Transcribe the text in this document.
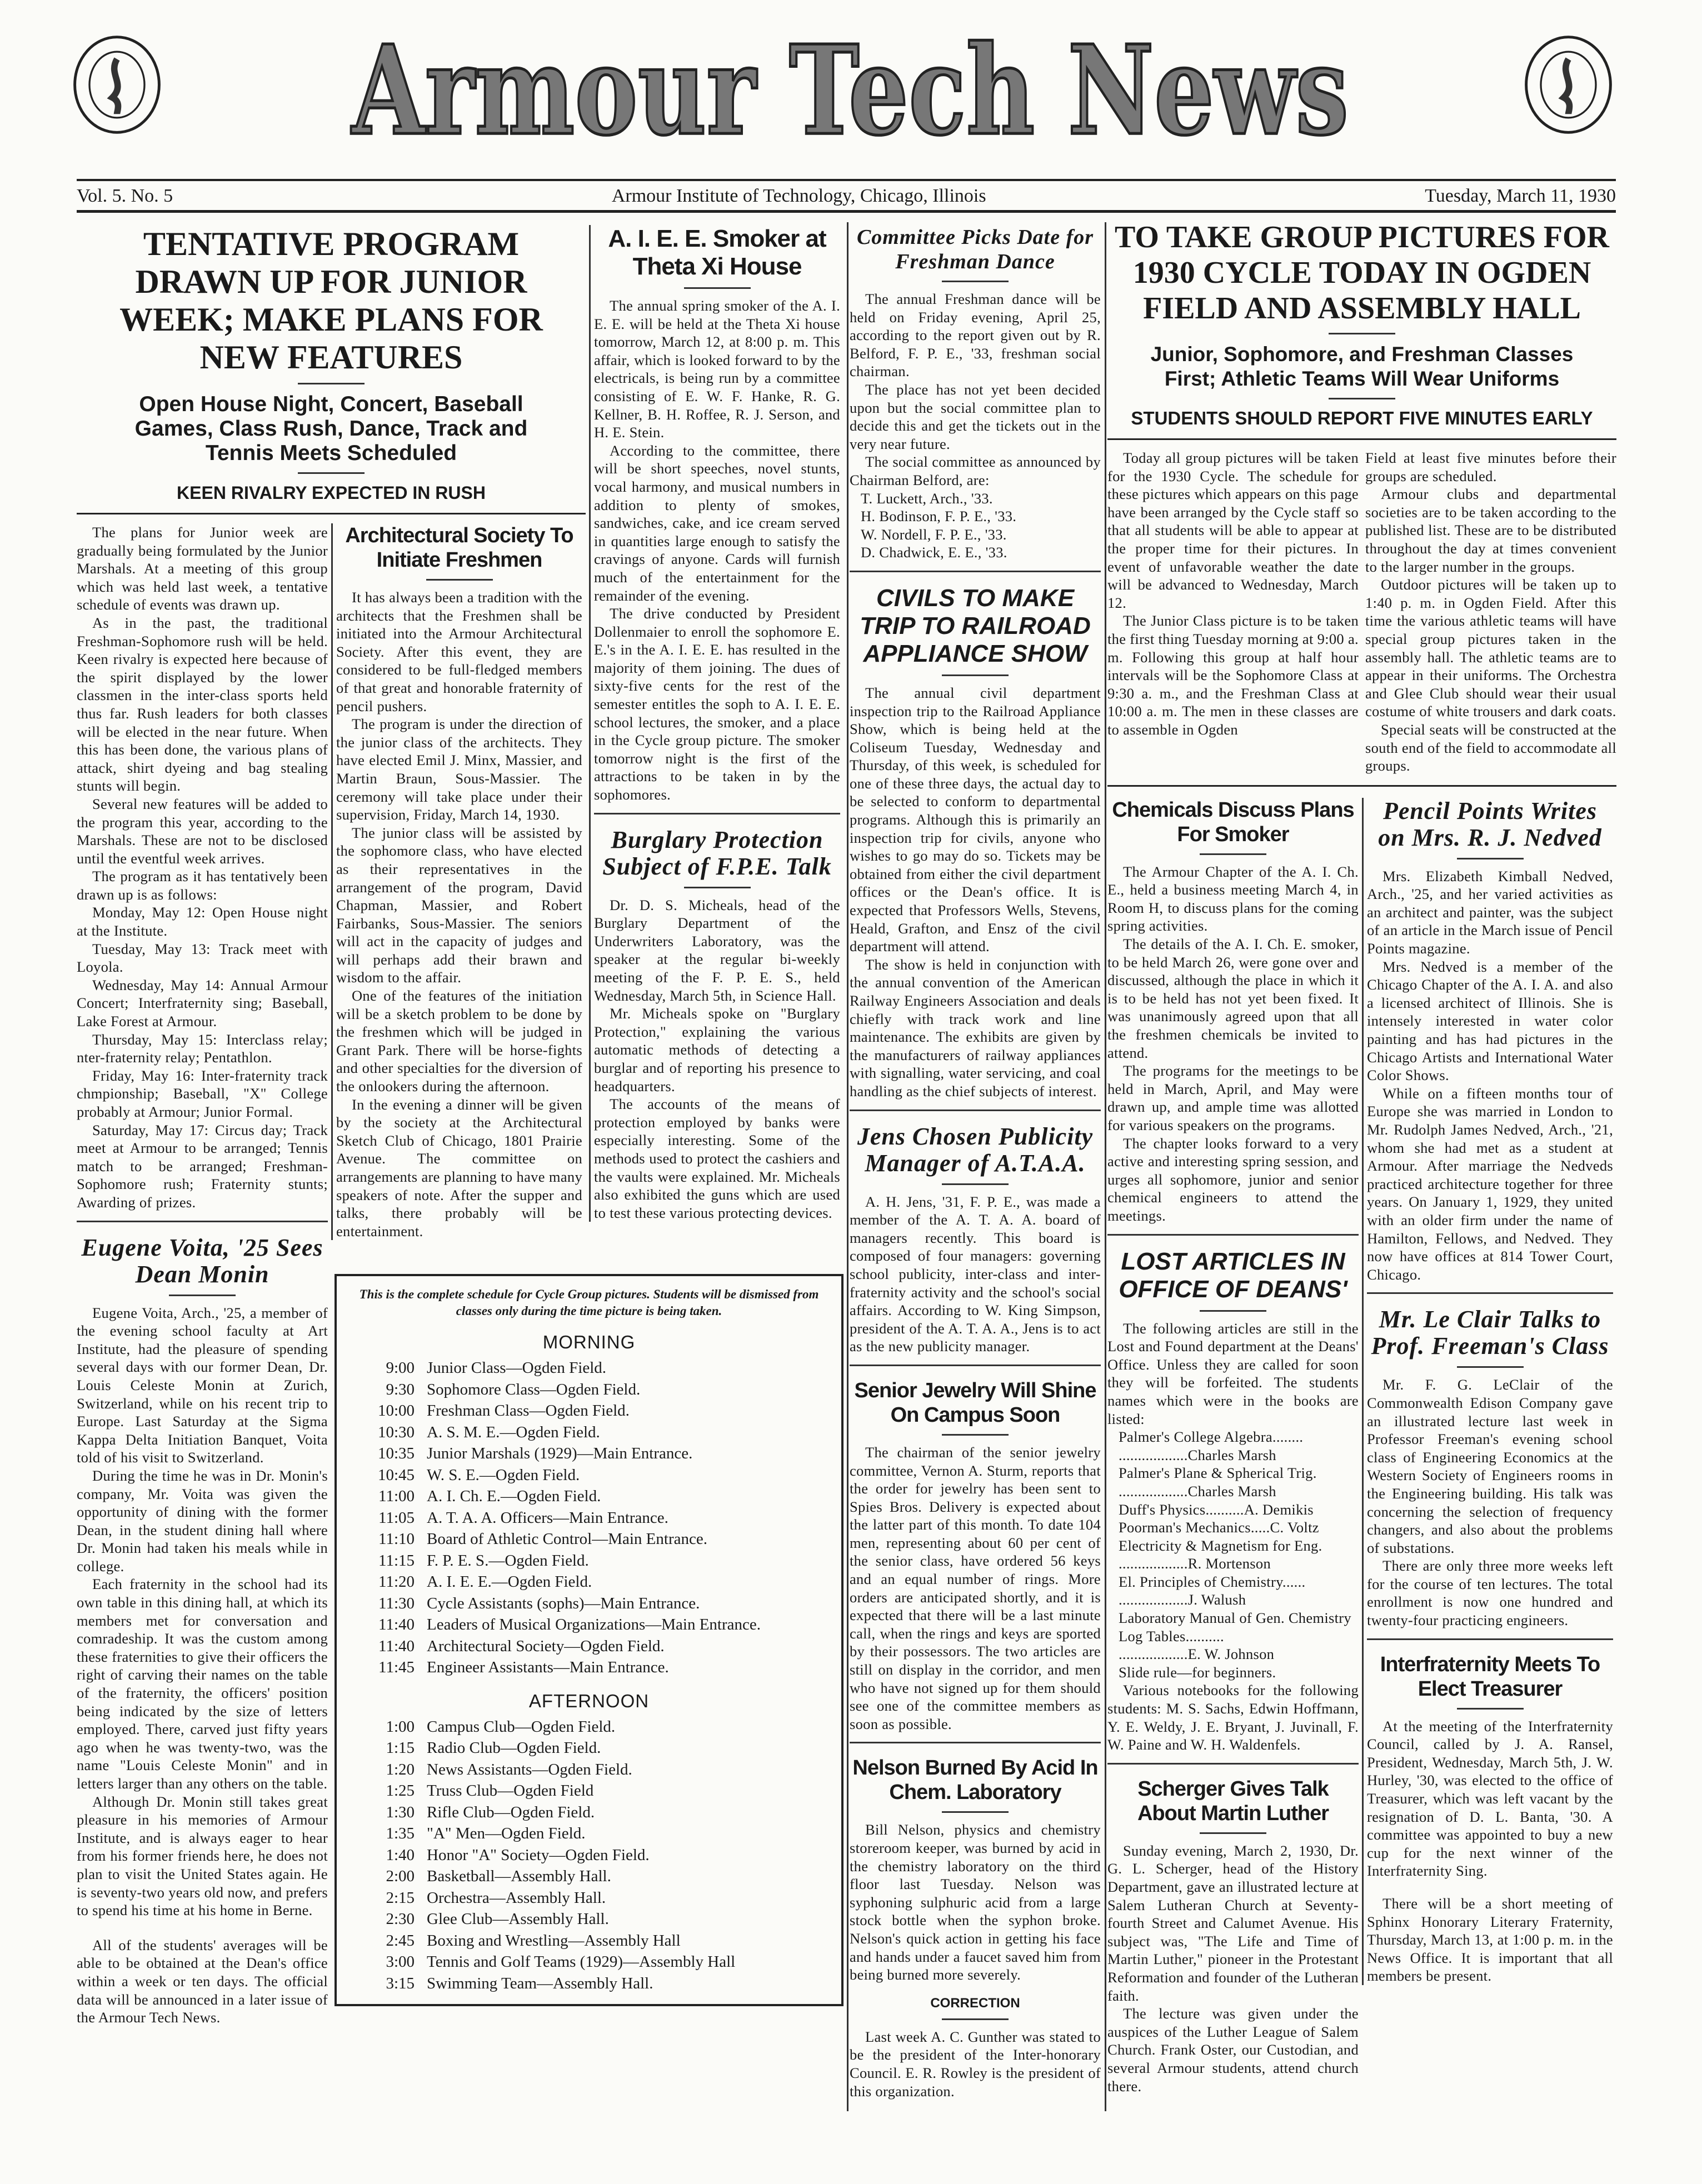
Armour Tech News
Vol. 5. No. 5	Armour Institute of Technology, Chicago, Illinois	Tuesday, March 11, 1930
TENTATIVE PROGRAM DRAWN UP FOR JUNIOR WEEK; MAKE PLANS FOR NEW FEATURES
Open House Night, Concert, Baseball Games, Class Rush, Dance, Track and Tennis Meets Scheduled
KEEN RIVALRY EXPECTED IN RUSH
A. I. E. E. Smoker at Theta Xi House

The annual spring smoker of the A. I. E. E. will be held at the Theta Xi house tomorrow, March 12, at 8:00 p. m. This affair, which is looked forward to by the electricals, is being run by a committee consisting of E. W. F. Hanke, R. G. Kellner, B. H. Roffee, R. J. Serson, and H. E. Stein.

According to the committee, there will be short speeches, novel stunts, vocal harmony, and musical numbers in addition to plenty of smokes, sandwiches, cake, and ice cream served in quantities large enough to satisfy the cravings of anyone. Cards will furnish much of the entertainment for the remainder of the evening.

The drive conducted by President Dollenmaier to enroll the sophomore E. E.'s in the A. I. E. E. has resulted in the majority of them joining. The dues of sixty-five cents for the rest of the semester entitles the soph to A. I. E. E. school lectures, the smoker, and a place in the Cycle group picture. The smoker tomorrow night is the first of the attractions to be taken in by the sophomores.

Burglary Protection Subject of F.P.E. Talk

Dr. D. S. Micheals, head of the Burglary Department of the Underwriters Laboratory, was the speaker at the regular bi-weekly meeting of the F. P. E. S., held Wednesday, March 5th, in Science Hall.

Mr. Micheals spoke on "Burglary Protection," explaining the various automatic methods of detecting a burglar and of reporting his presence to headquarters.

The accounts of the means of protection employed by banks were especially interesting. Some of the methods used to protect the cashiers and the vaults were explained. Mr. Micheals also exhibited the guns which are used to test these various protecting devices.

The plans for Junior week are gradually being formulated by the Junior Marshals. At a meeting of this group which was held last week, a tentative schedule of events was drawn up.

As in the past, the traditional Freshman-Sophomore rush will be held. Keen rivalry is expected here because of the spirit displayed by the lower classmen in the inter-class sports held thus far. Rush leaders for both classes will be elected in the near future. When this has been done, the various plans of attack, shirt dyeing and bag stealing stunts will begin.

Several new features will be added to the program this year, according to the Marshals. These are not to be disclosed until the eventful week arrives.

The program as it has tentatively been drawn up is as follows:

Monday, May 12: Open House night at the Institute.

Tuesday, May 13: Track meet with Loyola.

Wednesday, May 14: Annual Armour Concert; Interfraternity sing; Baseball, Lake Forest at Armour.

Thursday, May 15: Interclass relay; nter-fraternity relay; Pentathlon.

Friday, May 16: Inter-fraternity track chmpionship; Baseball, "X" College probably at Armour; Junior Formal.

Saturday, May 17: Circus day; Track meet at Armour to be arranged; Tennis match to be arranged; Freshman-Sophomore rush; Fraternity stunts; Awarding of prizes.

Eugene Voita, '25 Sees Dean Monin

Eugene Voita, Arch., '25, a member of the evening school faculty at Art Institute, had the pleasure of spending several days with our former Dean, Dr. Louis Celeste Monin at Zurich, Switzerland, while on his recent trip to Europe. Last Saturday at the Sigma Kappa Delta Initiation Banquet, Voita told of his visit to Switzerland.

During the time he was in Dr. Monin's company, Mr. Voita was given the opportunity of dining with the former Dean, in the student dining hall where Dr. Monin had taken his meals while in college.

Each fraternity in the school had its own table in this dining hall, at which its members met for conversation and comradeship. It was the custom among these fraternities to give their officers the right of carving their names on the table of the fraternity, the officers' position being indicated by the size of letters employed. There, carved just fifty years ago when he was twenty-two, was the name "Louis Celeste Monin" and in letters larger than any others on the table.

Although Dr. Monin still takes great pleasure in his memories of Armour Institute, and is always eager to hear from his former friends here, he does not plan to visit the United States again. He is seventy-two years old now, and prefers to spend his time at his home in Berne.

All of the students' averages will be able to be obtained at the Dean's office within a week or ten days. The official data will be announced in a later issue of the Armour Tech News.

Architectural Society To Initiate Freshmen

It has always been a tradition with the architects that the Freshmen shall be initiated into the Armour Architectural Society. After this event, they are considered to be full-fledged members of that great and honorable fraternity of pencil pushers.

The program is under the direction of the junior class of the architects. They have elected Emil J. Minx, Massier, and Martin Braun, Sous-Massier. The ceremony will take place under their supervision, Friday, March 14, 1930.

The junior class will be assisted by the sophomore class, who have elected as their representatives in the arrangement of the program, David Chapman, Massier, and Robert Fairbanks, Sous-Massier. The seniors will act in the capacity of judges and will perhaps add their brawn and wisdom to the affair.

One of the features of the initiation will be a sketch problem to be done by the freshmen which will be judged in Grant Park. There will be horse-fights and other specialties for the diversion of the onlookers during the afternoon.

In the evening a dinner will be given by the society at the Architectural Sketch Club of Chicago, 1801 Prairie Avenue. The committee on arrangements are planning to have many speakers of note. After the supper and talks, there probably will be entertainment.

This is the complete schedule for Cycle Group pictures. Students will be dismissed from classes only during the time picture is being taken.
MORNING
9:00 Junior Class—Ogden Field.
9:30 Sophomore Class—Ogden Field.
10:00 Freshman Class—Ogden Field.
10:30 A. S. M. E.—Ogden Field.
10:35 Junior Marshals (1929)—Main Entrance.
10:45 W. S. E.—Ogden Field.
11:00 A. I. Ch. E.—Ogden Field.
11:05 A. T. A. A. Officers—Main Entrance.
11:10 Board of Athletic Control—Main Entrance.
11:15 F. P. E. S.—Ogden Field.
11:20 A. I. E. E.—Ogden Field.
11:30 Cycle Assistants (sophs)—Main Entrance.
11:40 Leaders of Musical Organizations—Main Entrance.
11:40 Architectural Society—Ogden Field.
11:45 Engineer Assistants—Main Entrance.
AFTERNOON
1:00 Campus Club—Ogden Field.
1:15 Radio Club—Ogden Field.
1:20 News Assistants—Ogden Field.
1:25 Truss Club—Ogden Field
1:30 Rifle Club—Ogden Field.
1:35 "A" Men—Ogden Field.
1:40 Honor "A" Society—Ogden Field.
2:00 Basketball—Assembly Hall.
2:15 Orchestra—Assembly Hall.
2:30 Glee Club—Assembly Hall.
2:45 Boxing and Wrestling—Assembly Hall
3:00 Tennis and Golf Teams (1929)—Assembly Hall
3:15 Swimming Team—Assembly Hall.
Committee Picks Date for Freshman Dance

The annual Freshman dance will be held on Friday evening, April 25, according to the report given out by R. Belford, F. P. E., '33, freshman social chairman.

The place has not yet been decided upon but the social committee plan to decide this and get the tickets out in the very near future.

The social committee as announced by Chairman Belford, are:

T. Luckett, Arch., '33.

H. Bodinson, F. P. E., '33.

W. Nordell, F. P. E., '33.

D. Chadwick, E. E., '33.

CIVILS TO MAKE TRIP TO RAILROAD APPLIANCE SHOW

The annual civil department inspection trip to the Railroad Appliance Show, which is being held at the Coliseum Tuesday, Wednesday and Thursday, of this week, is scheduled for one of these three days, the actual day to be selected to conform to departmental programs. Although this is primarily an inspection trip for civils, anyone who wishes to go may do so. Tickets may be obtained from either the civil department offices or the Dean's office. It is expected that Professors Wells, Stevens, Heald, Grafton, and Ensz of the civil department will attend.

The show is held in conjunction with the annual convention of the American Railway Engineers Association and deals chiefly with track work and line maintenance. The exhibits are given by the manufacturers of railway appliances with signalling, water servicing, and coal handling as the chief subjects of interest.

Jens Chosen Publicity Manager of A.T.A.A.

A. H. Jens, '31, F. P. E., was made a member of the A. T. A. A. board of managers recently. This board is composed of four managers: governing school publicity, inter-class and inter-fraternity activity and the school's social affairs. According to W. King Simpson, president of the A. T. A. A., Jens is to act as the new publicity manager.

Senior Jewelry Will Shine On Campus Soon

The chairman of the senior jewelry committee, Vernon A. Sturm, reports that the order for jewelry has been sent to Spies Bros. Delivery is expected about the latter part of this month. To date 104 men, representing about 60 per cent of the senior class, have ordered 56 keys and an equal number of rings. More orders are anticipated shortly, and it is expected that there will be a last minute call, when the rings and keys are sported by their possessors. The two articles are still on display in the corridor, and men who have not signed up for them should see one of the committee members as soon as possible.

Nelson Burned By Acid In Chem. Laboratory

Bill Nelson, physics and chemistry storeroom keeper, was burned by acid in the chemistry laboratory on the third floor last Tuesday. Nelson was syphoning sulphuric acid from a large stock bottle when the syphon broke. Nelson's quick action in getting his face and hands under a faucet saved him from being burned more severely.

CORRECTION

Last week A. C. Gunther was stated to be the president of the Inter-honorary Council. E. R. Rowley is the president of this organization.

TO TAKE GROUP PICTURES FOR 1930 CYCLE TODAY IN OGDEN FIELD AND ASSEMBLY HALL
Junior, Sophomore, and Freshman Classes First; Athletic Teams Will Wear Uniforms
STUDENTS SHOULD REPORT FIVE MINUTES EARLY

Today all group pictures will be taken for the 1930 Cycle. The schedule for these pictures which appears on this page have been arranged by the Cycle staff so that all students will be able to appear at the proper time for their pictures. In event of unfavorable weather the date will be advanced to Wednesday, March 12.

The Junior Class picture is to be taken the first thing Tuesday morning at 9:00 a. m. Following this group at half hour intervals will be the Sophomore Class at 9:30 a. m., and the Freshman Class at 10:00 a. m. The men in these classes are to assemble in Ogden

Field at least five minutes before their groups are scheduled.

Armour clubs and departmental societies are to be taken according to the published list. These are to be distributed throughout the day at times convenient to the larger number in the groups.

Outdoor pictures will be taken up to 1:40 p. m. in Ogden Field. After this time the various athletic teams will have special group pictures taken in the assembly hall. The athletic teams are to appear in their uniforms. The Orchestra and Glee Club should wear their usual costume of white trousers and dark coats.

Special seats will be constructed at the south end of the field to accommodate all groups.

Chemicals Discuss Plans For Smoker

The Armour Chapter of the A. I. Ch. E., held a business meeting March 4, in Room H, to discuss plans for the coming spring activities.

The details of the A. I. Ch. E. smoker, to be held March 26, were gone over and discussed, although the place in which it is to be held has not yet been fixed. It was unanimously agreed upon that all the freshmen chemicals be invited to attend.

The programs for the meetings to be held in March, April, and May were drawn up, and ample time was allotted for various speakers on the programs.

The chapter looks forward to a very active and interesting spring session, and urges all sophomore, junior and senior chemical engineers to attend the meetings.

LOST ARTICLES IN OFFICE OF DEANS'

The following articles are still in the Lost and Found department at the Deans' Office. Unless they are called for soon they will be forfeited. The students names which were in the books are listed:

Palmer's College Algebra........

..................Charles Marsh

Palmer's Plane & Spherical Trig.

..................Charles Marsh

Duff's Physics..........A. Demikis

Poorman's Mechanics.....C. Voltz

Electricity & Magnetism for Eng.

..................R. Mortenson

El. Principles of Chemistry......

..................J. Walush

Laboratory Manual of Gen. Chemistry Log Tables..........

..................E. W. Johnson

Slide rule—for beginners.

Various notebooks for the following students: M. S. Sachs, Edwin Hoffmann, Y. E. Weldy, J. E. Bryant, J. Juvinall, F. W. Paine and W. H. Waldenfels.

Scherger Gives Talk About Martin Luther

Sunday evening, March 2, 1930, Dr. G. L. Scherger, head of the History Department, gave an illustrated lecture at Salem Lutheran Church at Seventy-fourth Street and Calumet Avenue. His subject was, "The Life and Time of Martin Luther," pioneer in the Protestant Reformation and founder of the Lutheran faith.

The lecture was given under the auspices of the Luther League of Salem Church. Frank Oster, our Custodian, and several Armour students, attend church there.

Pencil Points Writes on Mrs. R. J. Nedved

Mrs. Elizabeth Kimball Nedved, Arch., '25, and her varied activities as an architect and painter, was the subject of an article in the March issue of Pencil Points magazine.

Mrs. Nedved is a member of the Chicago Chapter of the A. I. A. and also a licensed architect of Illinois. She is intensely interested in water color painting and has had pictures in the Chicago Artists and International Water Color Shows.

While on a fifteen months tour of Europe she was married in London to Mr. Rudolph James Nedved, Arch., '21, whom she had met as a student at Armour. After marriage the Nedveds practiced architecture together for three years. On January 1, 1929, they united with an older firm under the name of Hamilton, Fellows, and Nedved. They now have offices at 814 Tower Court, Chicago.

Mr. Le Clair Talks to Prof. Freeman's Class

Mr. F. G. LeClair of the Commonwealth Edison Company gave an illustrated lecture last week in Professor Freeman's evening school class of Engineering Economics at the Western Society of Engineers rooms in the Engineering building. His talk was concerning the selection of frequency changers, and also about the problems of substations.

There are only three more weeks left for the course of ten lectures. The total enrollment is now one hundred and twenty-four practicing engineers.

Interfraternity Meets To Elect Treasurer

At the meeting of the Interfraternity Council, called by J. A. Ransel, President, Wednesday, March 5th, J. W. Hurley, '30, was elected to the office of Treasurer, which was left vacant by the resignation of D. L. Banta, '30. A committee was appointed to buy a new cup for the next winner of the Interfraternity Sing.

There will be a short meeting of Sphinx Honorary Literary Fraternity, Thursday, March 13, at 1:00 p. m. in the News Office. It is important that all members be present.
